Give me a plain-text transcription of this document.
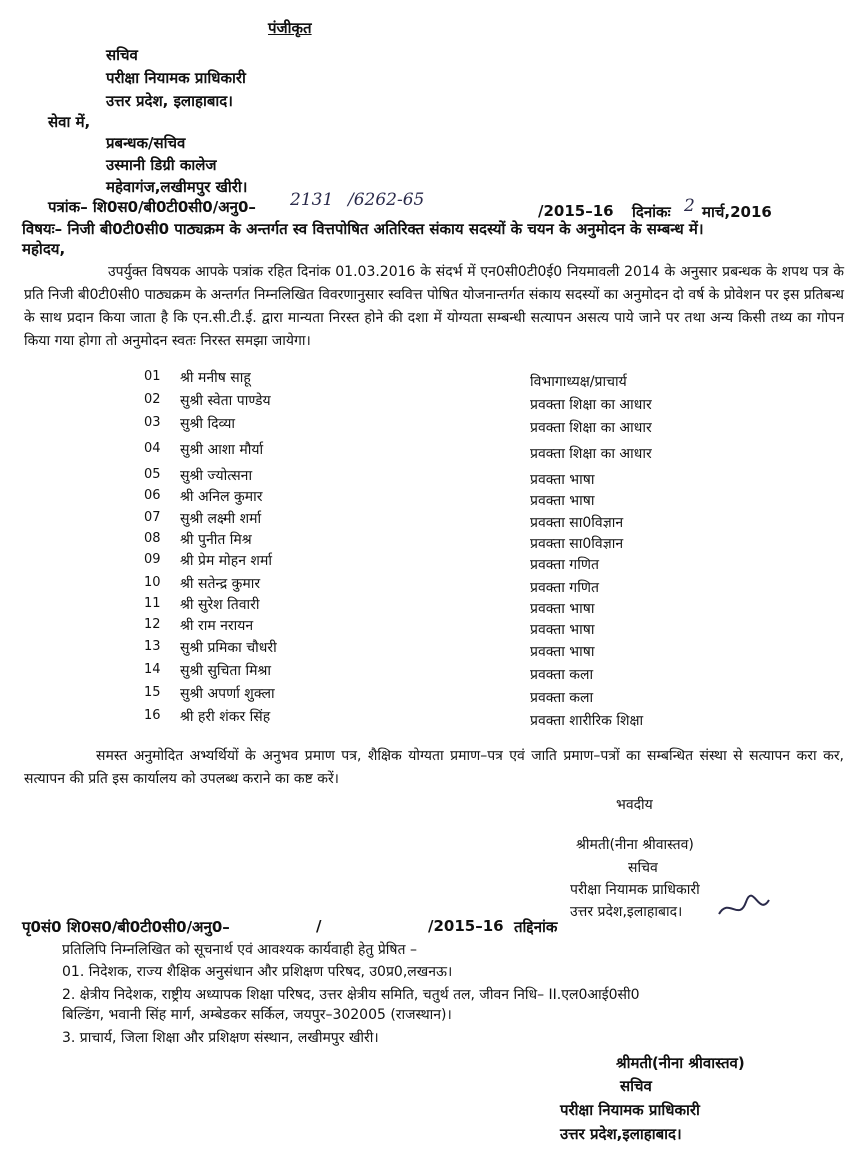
पंजीकृत
सचिव
परीक्षा नियामक प्राधिकारी
उत्तर प्रदेश, इलाहाबाद।
सेवा में,
प्रबन्धक/सचिव
उस्मानी डिग्री कालेज
महेवागंज,लखीमपुर खीरी।
पत्रांक– शि0स0/बी0टी0सी0/अनु0– 2131 /6262-65
/2015–16 दिनांकः 2 मार्च,2016
विषयः– निजी बी0टी0सी0 पाठ्यक्रम के अन्तर्गत स्व वित्तपोषित अतिरिक्त संकाय सदस्यों के चयन के अनुमोदन के सम्बन्ध में।
महोदय,
उपर्युक्त विषयक आपके पत्रांक रहित दिनांक 01.03.2016 के संदर्भ में एन0सी0टी0ई0 नियमावली 2014 के अनुसार प्रबन्धक के शपथ पत्र के प्रति निजी बी0टी0सी0 पाठ्यक्रम के अन्तर्गत निम्नलिखित विवरणानुसार स्ववित्त पोषित योजनान्तर्गत संकाय सदस्यों का अनुमोदन दो वर्ष के प्रोवेशन पर इस प्रतिबन्ध के साथ प्रदान किया जाता है कि एन.सी.टी.ई. द्वारा मान्यता निरस्त होने की दशा में योग्यता सम्बन्धी सत्यापन असत्य पाये जाने पर तथा अन्य किसी तथ्य का गोपन किया गया होगा तो अनुमोदन स्वतः निरस्त समझा जायेगा।
01	श्री मनीष साहू	विभागाध्यक्ष/प्राचार्य
02	सुश्री स्वेता पाण्डेय	प्रवक्ता शिक्षा का आधार
03	सुश्री दिव्या	प्रवक्ता शिक्षा का आधार
04	सुश्री आशा मौर्या	प्रवक्ता शिक्षा का आधार
05	सुश्री ज्योत्सना	प्रवक्ता भाषा
06	श्री अनिल कुमार	प्रवक्ता भाषा
07	सुश्री लक्ष्मी शर्मा	प्रवक्ता सा0विज्ञान
08	श्री पुनीत मिश्र	प्रवक्ता सा0विज्ञान
09	श्री प्रेम मोहन शर्मा	प्रवक्ता गणित
10	श्री सतेन्द्र कुमार	प्रवक्ता गणित
11	श्री सुरेश तिवारी	प्रवक्ता भाषा
12	श्री राम नरायन	प्रवक्ता भाषा
13	सुश्री प्रमिका चौधरी	प्रवक्ता भाषा
14	सुश्री सुचिता मिश्रा	प्रवक्ता कला
15	सुश्री अपर्णा शुक्ला	प्रवक्ता कला
16	श्री हरी शंकर सिंह	प्रवक्ता शारीरिक शिक्षा
समस्त अनुमोदित अभ्यर्थियों के अनुभव प्रमाण पत्र, शैक्षिक योग्यता प्रमाण–पत्र एवं जाति प्रमाण–पत्रों का सम्बन्धित संस्था से सत्यापन करा कर, सत्यापन की प्रति इस कार्यालय को उपलब्ध कराने का कष्ट करें।
भवदीय
श्रीमती(नीना श्रीवास्तव)
सचिव
परीक्षा नियामक प्राधिकारी
उत्तर प्रदेश,इलाहाबाद।
पृ0सं0 शि0स0/बी0टी0सी0/अनु0–	/	/2015–16 तद्दिनांक
प्रतिलिपि निम्नलिखित को सूचनार्थ एवं आवश्यक कार्यवाही हेतु प्रेषित –
01. निदेशक, राज्य शैक्षिक अनुसंधान और प्रशिक्षण परिषद, उ0प्र0,लखनऊ।
2. क्षेत्रीय निदेशक, राष्ट्रीय अध्यापक शिक्षा परिषद, उत्तर क्षेत्रीय समिति, चतुर्थ तल, जीवन निधि– II.एल0आई0सी0
बिल्डिंग, भवानी सिंह मार्ग, अम्बेडकर सर्किल, जयपुर–302005 (राजस्थान)।
3. प्राचार्य, जिला शिक्षा और प्रशिक्षण संस्थान, लखीमपुर खीरी।
श्रीमती(नीना श्रीवास्तव)
सचिव
परीक्षा नियामक प्राधिकारी
उत्तर प्रदेश,इलाहाबाद।
